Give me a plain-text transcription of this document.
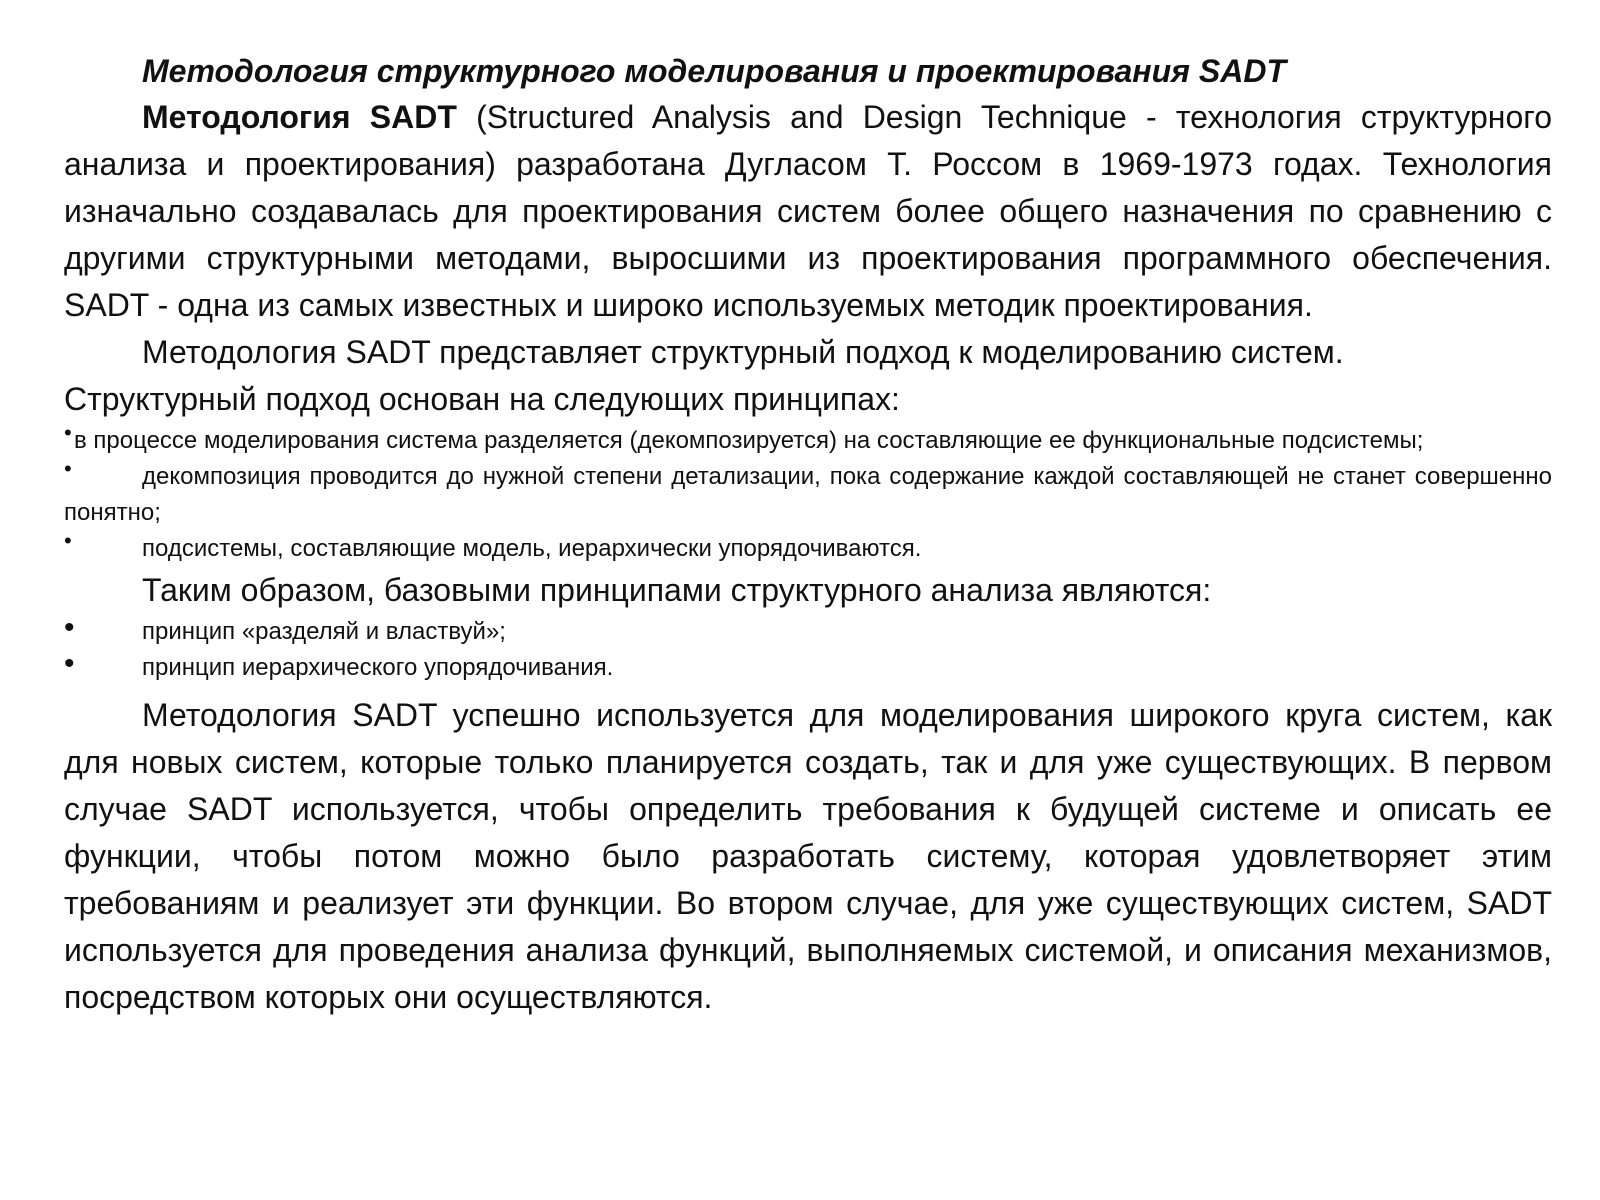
Методология структурного моделирования и проектирования SADT

Методология SADT (Structured Analysis and Design Technique - технология структурного анализа и проектирования) разработана Дугласом Т. Россом в 1969-1973 годах. Технология изначально создавалась для проектирования систем более общего назначения по сравнению с другими структурными методами, выросшими из проектирования программного обеспечения. SADT - одна из самых известных и широко используемых методик проектирования.

Методология SADT представляет структурный подход к моделированию систем.

Структурный подход основан на следующих принципах:

• в процессе моделирования система разделяется (декомпозируется) на составляющие ее функциональные подсистемы;

•	декомпозиция проводится до нужной степени детализации, пока содержание каждой составляющей не станет совершенно понятно;

•	подсистемы, составляющие модель, иерархически упорядочиваются.

Таким образом, базовыми принципами структурного анализа являются:

•	принцип «разделяй и властвуй»;

•	принцип иерархического упорядочивания.

Методология SADT успешно используется для моделирования широкого круга систем, как для новых систем, которые только планируется создать, так и для уже существующих. В первом случае SADT используется, чтобы определить требования к будущей системе и описать ее функции, чтобы потом можно было разработать систему, которая удовлетворяет этим требованиям и реализует эти функции. Во втором случае, для уже существующих систем, SADT используется для проведения анализа функций, выполняемых системой, и описания механизмов, посредством которых они осуществляются.
